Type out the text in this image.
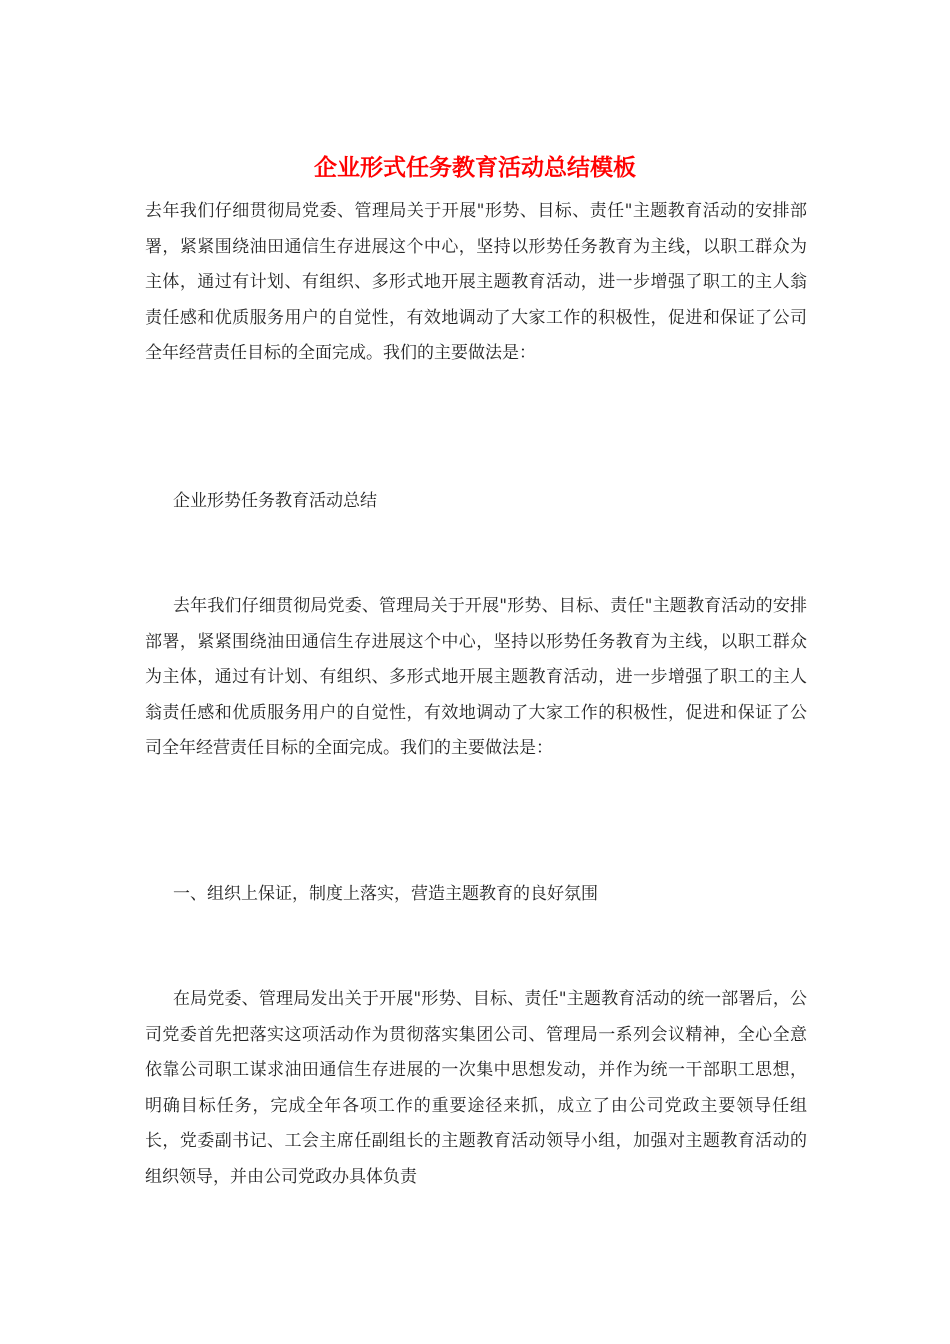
企业形式任务教育活动总结模板

去年我们仔细贯彻局党委、管理局关于开展"形势、目标、责任"主题教育活动的安排部署，紧紧围绕油田通信生存进展这个中心，坚持以形势任务教育为主线，以职工群众为主体，通过有计划、有组织、多形式地开展主题教育活动，进一步增强了职工的主人翁责任感和优质服务用户的自觉性，有效地调动了大家工作的积极性，促进和保证了公司全年经营责任目标的全面完成。我们的主要做法是：

企业形势任务教育活动总结

去年我们仔细贯彻局党委、管理局关于开展"形势、目标、责任"主题教育活动的安排部署，紧紧围绕油田通信生存进展这个中心，坚持以形势任务教育为主线，以职工群众为主体，通过有计划、有组织、多形式地开展主题教育活动，进一步增强了职工的主人翁责任感和优质服务用户的自觉性，有效地调动了大家工作的积极性，促进和保证了公司全年经营责任目标的全面完成。我们的主要做法是：

一、组织上保证，制度上落实，营造主题教育的良好氛围

在局党委、管理局发出关于开展"形势、目标、责任"主题教育活动的统一部署后，公司党委首先把落实这项活动作为贯彻落实集团公司、管理局一系列会议精神，全心全意依靠公司职工谋求油田通信生存进展的一次集中思想发动，并作为统一干部职工思想，明确目标任务，完成全年各项工作的重要途径来抓，成立了由公司党政主要领导任组长，党委副书记、工会主席任副组长的主题教育活动领导小组，加强对主题教育活动的组织领导，并由公司党政办具体负责
